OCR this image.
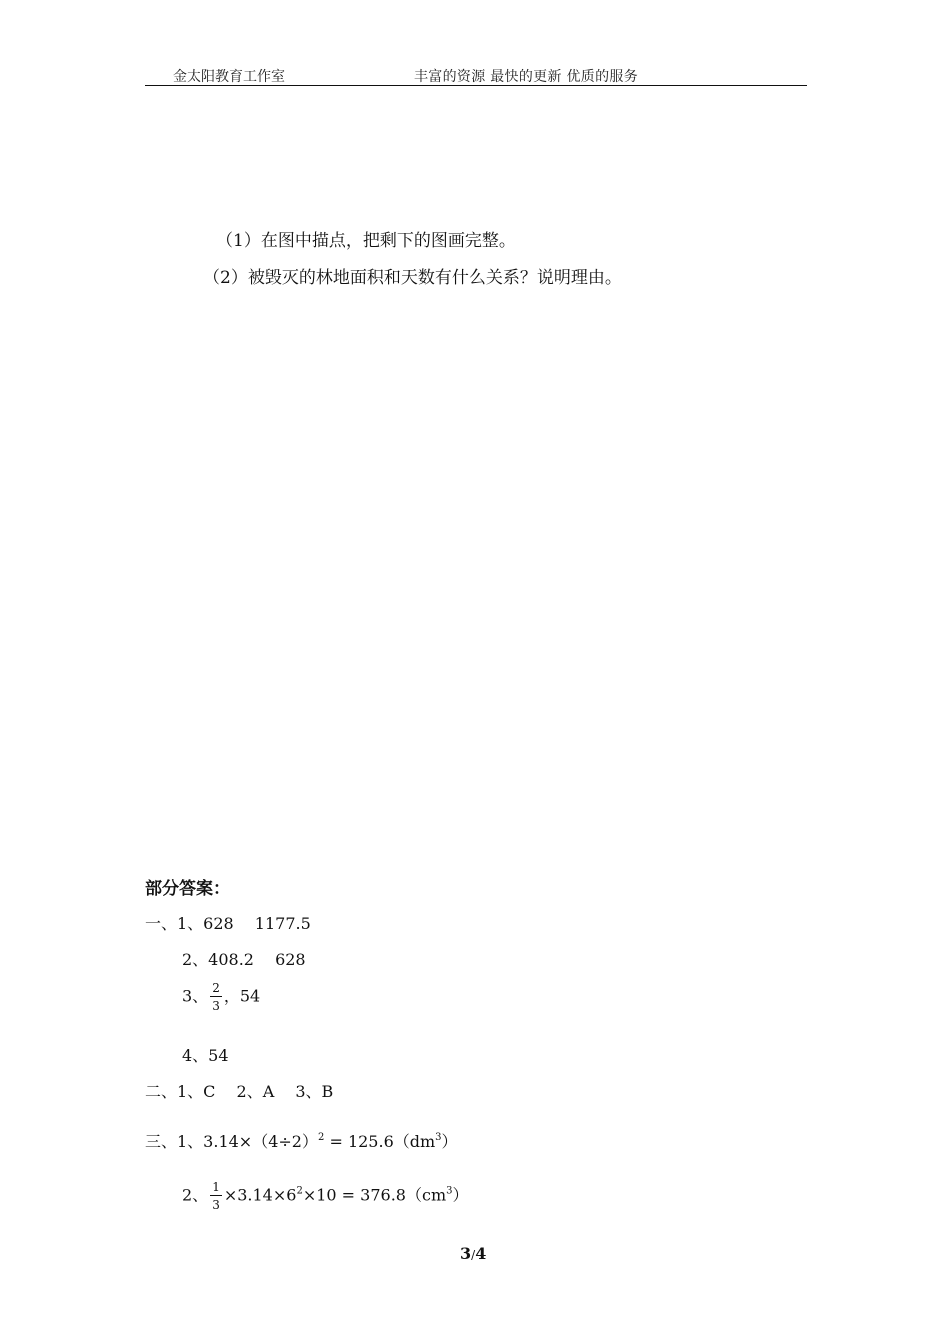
金太阳教育工作室	丰富的资源 最快的更新 优质的服务
（1）在图中描点，把剩下的图画完整。
（2）被毁灭的林地面积和天数有什么关系？说明理由。
部分答案：
一、1、628　 1177.5
2、408.2　 628
3、 $\frac{2}{3}$ ，54
4、54
二、1、C　 2、A　 3、B
三、1、$3.14\times(4\div 2)^2 = 125.6(dm^3)$
2、 $\frac{1}{3} \times 3.14\times 6^2\times 10 = 376.8(cm^3)$
3/4
